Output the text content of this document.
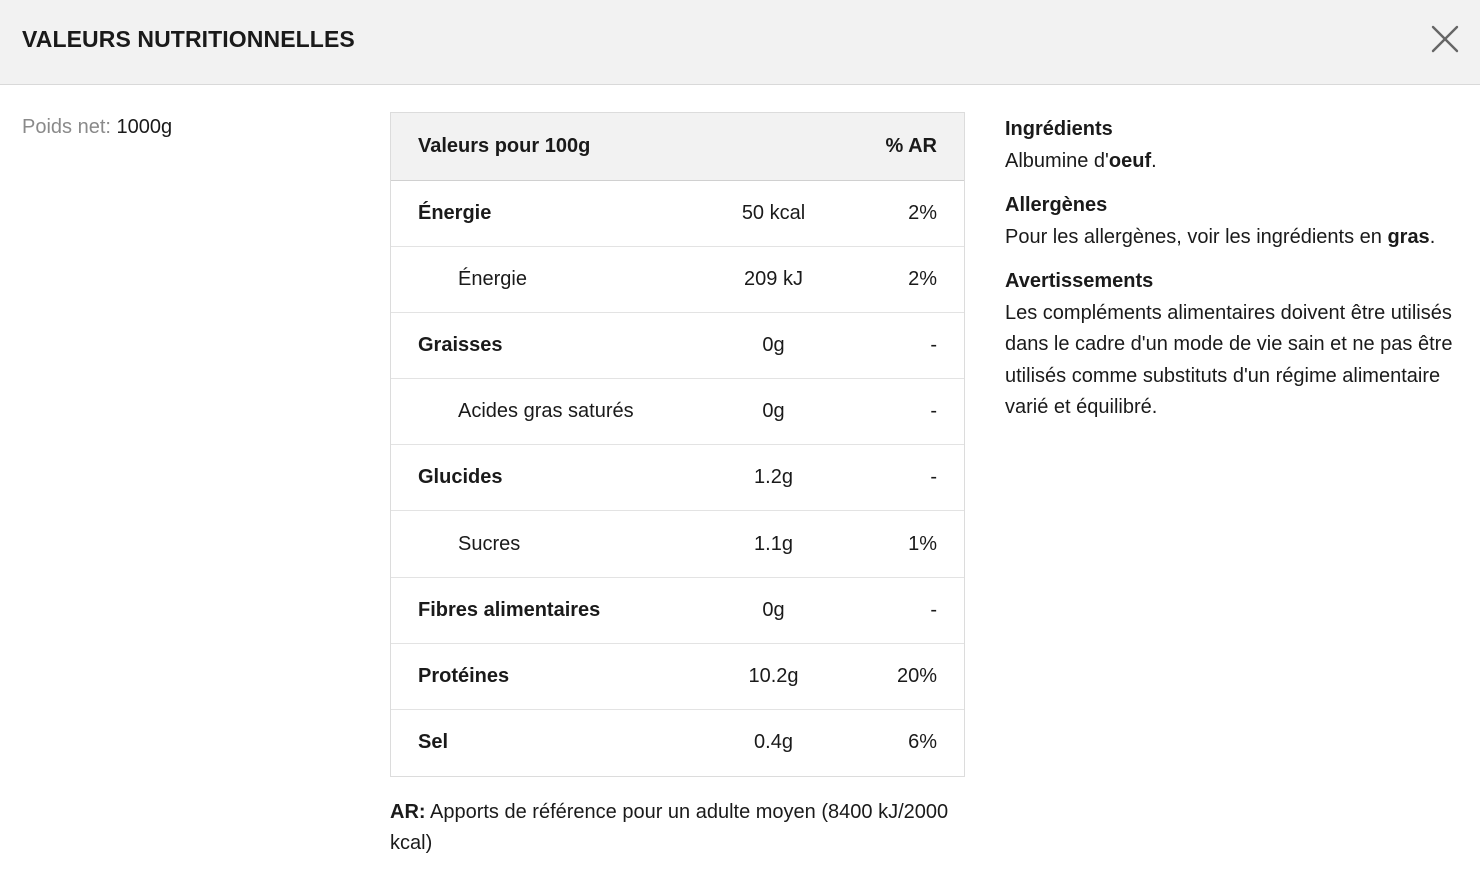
VALEURS NUTRITIONNELLES
Poids net: 1000g
Valeurs pour 100g		% AR
Énergie	50 kcal	2%
Énergie	209 kJ	2%
Graisses	0g	-
Acides gras saturés	0g	-
Glucides	1.2g	-
Sucres	1.1g	1%
Fibres alimentaires	0g	-
Protéines	10.2g	20%
Sel	0.4g	6%
AR: Apports de référence pour un adulte moyen (8400 kJ/2000 kcal)
Ingrédients
Albumine d'oeuf.
Allergènes
Pour les allergènes, voir les ingrédients en gras.
Avertissements
Les compléments alimentaires doivent être utilisés dans le cadre d'un mode de vie sain et ne pas être utilisés comme substituts d'un régime alimentaire varié et équilibré.
